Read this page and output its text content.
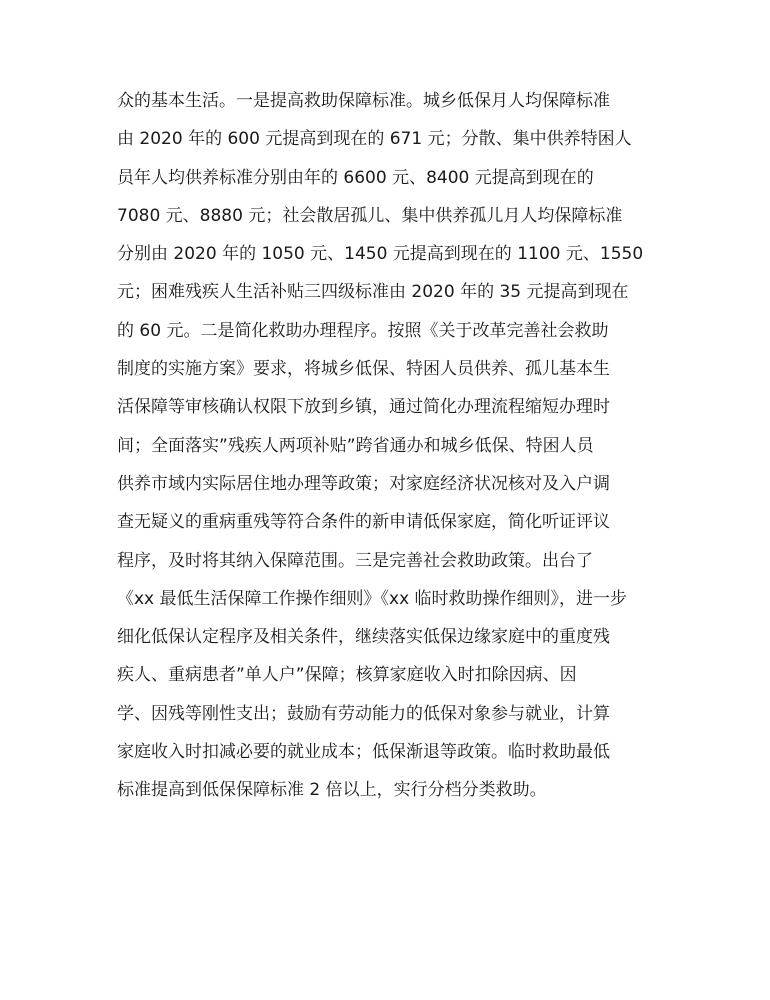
众的基本生活。一是提高救助保障标准。城乡低保月人均保障标准
由 2020 年的 600 元提高到现在的 671 元；分散、集中供养特困人
员年人均供养标准分别由年的 6600 元、8400 元提高到现在的
7080 元、8880 元；社会散居孤儿、集中供养孤儿月人均保障标准
分别由 2020 年的 1050 元、1450 元提高到现在的 1100 元、1550
元；困难残疾人生活补贴三四级标准由 2020 年的 35 元提高到现在
的 60 元。二是简化救助办理程序。按照《关于改革完善社会救助
制度的实施方案》要求，将城乡低保、特困人员供养、孤儿基本生
活保障等审核确认权限下放到乡镇，通过简化办理流程缩短办理时
间；全面落实”残疾人两项补贴”跨省通办和城乡低保、特困人员
供养市域内实际居住地办理等政策；对家庭经济状况核对及入户调
查无疑义的重病重残等符合条件的新申请低保家庭，简化听证评议
程序，及时将其纳入保障范围。三是完善社会救助政策。出台了
《xx 最低生活保障工作操作细则》《xx 临时救助操作细则》，进一步
细化低保认定程序及相关条件，继续落实低保边缘家庭中的重度残
疾人、重病患者”单人户”保障；核算家庭收入时扣除因病、因
学、因残等刚性支出；鼓励有劳动能力的低保对象参与就业，计算
家庭收入时扣减必要的就业成本；低保渐退等政策。临时救助最低
标准提高到低保保障标准 2 倍以上，实行分档分类救助。
